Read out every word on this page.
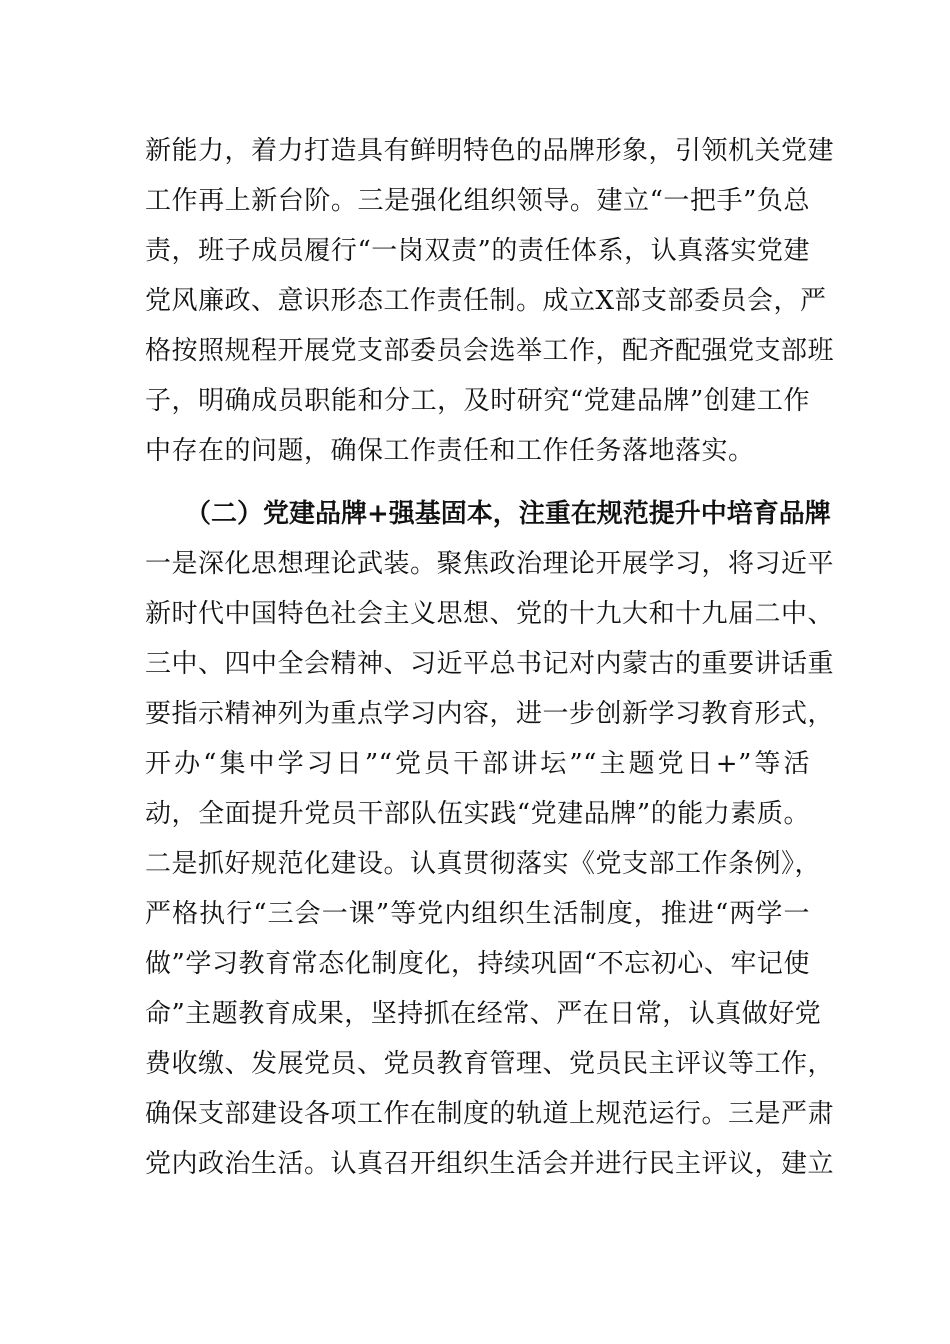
新能力，着力打造具有鲜明特色的品牌形象，引领机关党建
工作再上新台阶。三是强化组织领导。建立“一把手”负总
责，班子成员履行“一岗双责”的责任体系，认真落实党建
党风廉政、意识形态工作责任制。成立X部支部委员会，严
格按照规程开展党支部委员会选举工作，配齐配强党支部班
子，明确成员职能和分工，及时研究“党建品牌”创建工作
中存在的问题，确保工作责任和工作任务落地落实。
（二）党建品牌+强基固本，注重在规范提升中培育品牌
一是深化思想理论武装。聚焦政治理论开展学习，将习近平
新时代中国特色社会主义思想、党的十九大和十九届二中、
三中、四中全会精神、习近平总书记对内蒙古的重要讲话重
要指示精神列为重点学习内容，进一步创新学习教育形式，
开办“集中学习日”“党员干部讲坛”“主题党日+”等活
动，全面提升党员干部队伍实践“党建品牌”的能力素质。
二是抓好规范化建设。认真贯彻落实《党支部工作条例》，
严格执行“三会一课”等党内组织生活制度，推进“两学一
做”学习教育常态化制度化，持续巩固“不忘初心、牢记使
命”主题教育成果，坚持抓在经常、严在日常，认真做好党
费收缴、发展党员、党员教育管理、党员民主评议等工作，
确保支部建设各项工作在制度的轨道上规范运行。三是严肃
党内政治生活。认真召开组织生活会并进行民主评议，建立
